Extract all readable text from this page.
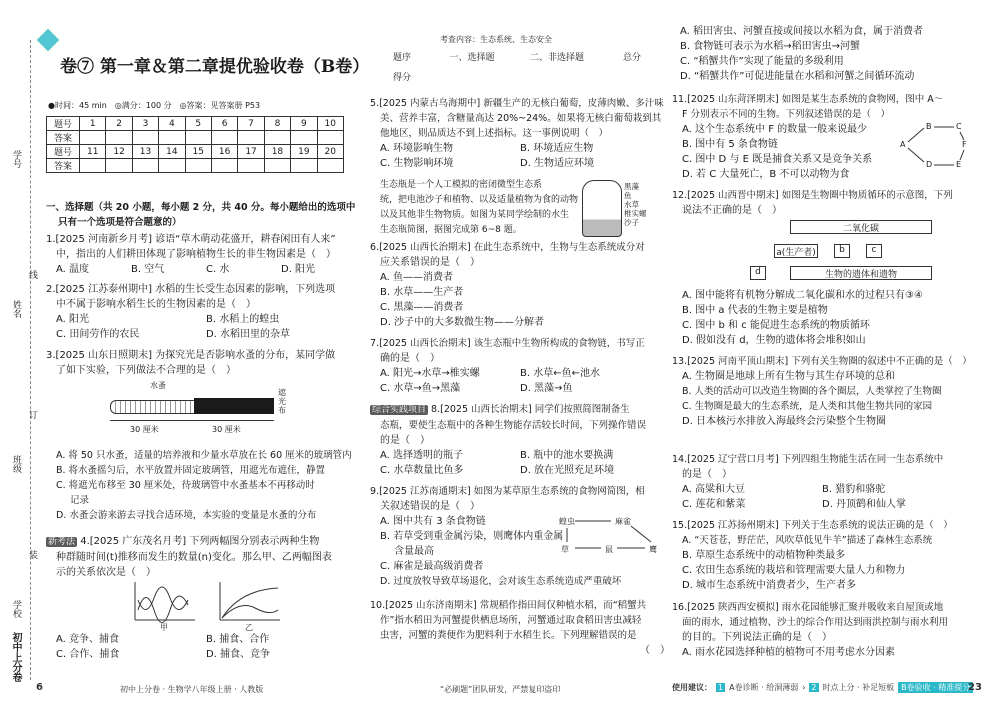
学号
线
姓名
订
班级
装
学校
初中上分卷
卷⑦ 第一章＆第二章提优验收卷（B卷）
●时间：45 min　◎满分：100 分　◎答案：见答案册 P53
题号	1	2	3	4	5	6	7	8	9	10
答案										
题号	11	12	13	14	15	16	17	18	19	20
答案										
一、选择题（共 20 小题，每小题 2 分，共 40 分。每小题给出的选项中
只有一个选项是符合题意的）
1.[2025 河南新乡月考] 谚语“草木萌动花盛开，耕春闲田有人来”
中，指出的人们耕田体现了影响植物生长的非生物因素是（　）
A. 温度	B. 空气	C. 水	D. 阳光
2.[2025 江苏泰州期中] 水稻的生长受生态因素的影响，下列选项
中不属于影响水稻生长的生物因素的是（　）
A. 阳光	B. 水稻上的蝗虫
C. 田间劳作的农民	D. 水稻田里的杂草
3.[2025 山东日照期末] 为探究光是否影响水蚤的分布，某同学做
了如下实验，下列做法不合理的是（　）
水蚤
遮光布
30 厘米	30 厘米
A. 将 50 只水蚤，适量的培养液和少量水草放在长 60 厘米的玻璃管内
B. 将水蚤摇匀后，水平放置并固定玻璃管，用遮光布遮住，静置
C. 将遮光布移至 30 厘米处，待玻璃管中水蚤基本不再移动时
记录
D. 水蚤会游来游去寻找合适环境，本实验的变量是水蚤的分布
新考法 4.[2025 广东茂名月考] 下列两幅图分别表示两种生物
种群随时间(t)推移而发生的数量(n)变化。那么甲、乙两幅图表
示的关系依次是（　）
甲	乙
A. 竞争、捕食	B. 捕食、合作
C. 合作、捕食	D. 捕食、竞争
考查内容：生态系统、生态安全
题序	一、选择题	二、非选择题	总分
得分
5.[2025 内蒙古乌海期中] 新疆生产的无核白葡萄，皮薄肉嫩、多汁味
美、营养丰富，含糖量高达 20%~24%。如果将无核白葡萄栽到其
他地区，则品质达不到上述指标。这一事例说明（　）
A. 环境影响生物	B. 环境适应生物
C. 生物影响环境	D. 生物适应环境
生态瓶是一个人工模拟的密闭微型生态系
统，把电池沙子和植物、以及适量植物为食的动物
以及其他非生物物质。如图为某同学绘制的水生
生态瓶简图，据图完成第 6~8 题。
黑藻
鱼
水草
椎实螺
沙子
6.[2025 山西长治期末] 在此生态系统中，生物与生态系统成分对
应关系错误的是（　）
A. 鱼——消费者
B. 水草——生产者
C. 黑藻——消费者
D. 沙子中的大多数微生物——分解者
7.[2025 山西长治期末] 该生态瓶中生物所构成的食物链，书写正
确的是（　）
A. 阳光→水草→椎实螺	B. 水草←鱼←池水
C. 水草→鱼→黑藻	D. 黑藻→鱼
综合实践项目 8.[2025 山西长治期末] 同学们按照简图制备生
态瓶，要使生态瓶中的各种生物能存活较长时间，下列操作错误
的是（　）
A. 选择透明的瓶子	B. 瓶中的池水要换满
C. 水草数量比鱼多	D. 放在光照充足环境
9.[2025 江苏南通期末] 如图为某草原生态系统的食物网简图，相
关叙述错误的是（　）
A. 图中共有 3 条食物链
B. 若草受到重金属污染，则鹰体内重金属
含量最高
C. 麻雀是最高级消费者
D. 过度放牧导致草场退化，会对该生态系统造成严重破坏
蝗虫	麻雀
草	鼠	鹰
10.[2025 山东济南期末] 常规稻作指田间仅种植水稻，而“稻蟹共
作”指水稻田为河蟹提供栖息场所，河蟹通过取食稻田害虫减轻
虫害，河蟹的粪便作为肥料利于水稻生长。下列理解错误的是
（　）
A. 稻田害虫、河蟹直接或间接以水稻为食，属于消费者
B. 食物链可表示为水稻→稻田害虫→河蟹
C. “稻蟹共作”实现了能量的多级利用
D. “稻蟹共作”可促进能量在水稻和河蟹之间循环流动
11.[2025 山东菏泽期末] 如图是某生态系统的食物网，图中 A～
F 分别表示不同的生物。下列叙述错误的是（　）
A. 这个生态系统中 F 的数量一般来说最少
B. 图中有 5 条食物链
C. 图中 D 与 E 既是捕食关系又是竞争关系
D. 若 C 大量死亡，B 不可以动物为食
A
B	C
D	E
F
12.[2025 山西晋中期末] 如图是生物圈中物质循环的示意图，下列
说法不正确的是（　）
二氧化碳
a(生产者)	b	c
d	生物的遗体和遗物
A. 图中能将有机物分解成二氧化碳和水的过程只有③④
B. 图中 a 代表的生物主要是植物
C. 图中 b 和 c 能促进生态系统的物质循环
D. 假如没有 d，生物的遗体将会堆积如山
13.[2025 河南平顶山期末] 下列有关生物圈的叙述中不正确的是（　）
A. 生物圈是地球上所有生物与其生存环境的总和
B. 人类的活动可以改造生物圈的各个圈层，人类掌控了生物圈
C. 生物圈是最大的生态系统，是人类和其他生物共同的家园
D. 日本核污水排放入海最终会污染整个生物圈
14.[2025 辽宁营口月考] 下列四组生物能生活在同一生态系统中
的是（　）
A. 高粱和大豆	B. 猎豹和骆驼
C. 莲花和紫菜	D. 丹顶鹤和仙人掌
15.[2025 江苏扬州期末] 下列关于生态系统的说法正确的是（　）
A. “天苍苍，野茫茫，风吹草低见牛羊”描述了森林生态系统
B. 草原生态系统中的动植物种类最多
C. 农田生态系统的栽培和管理需要大量人力和物力
D. 城市生态系统中消费者少，生产者多
16.[2025 陕西西安模拟] 雨水花园能够汇聚并吸收来自屋顶或地
面的雨水，通过植物、沙土的综合作用达到雨洪控制与雨水利用
的目的。下列说法正确的是（　）
A. 雨水花园选择种植的植物可不用考虑水分因素
6	初中上分卷 · 生物学八年级上册 · 人教版	“必刷题”团队研发，严禁复印盗印	使用建议： 1 A卷诊断 · 给洞薄弱 › 2 时点上分 · 补足短板 B卷验收 · 精准提分
23
